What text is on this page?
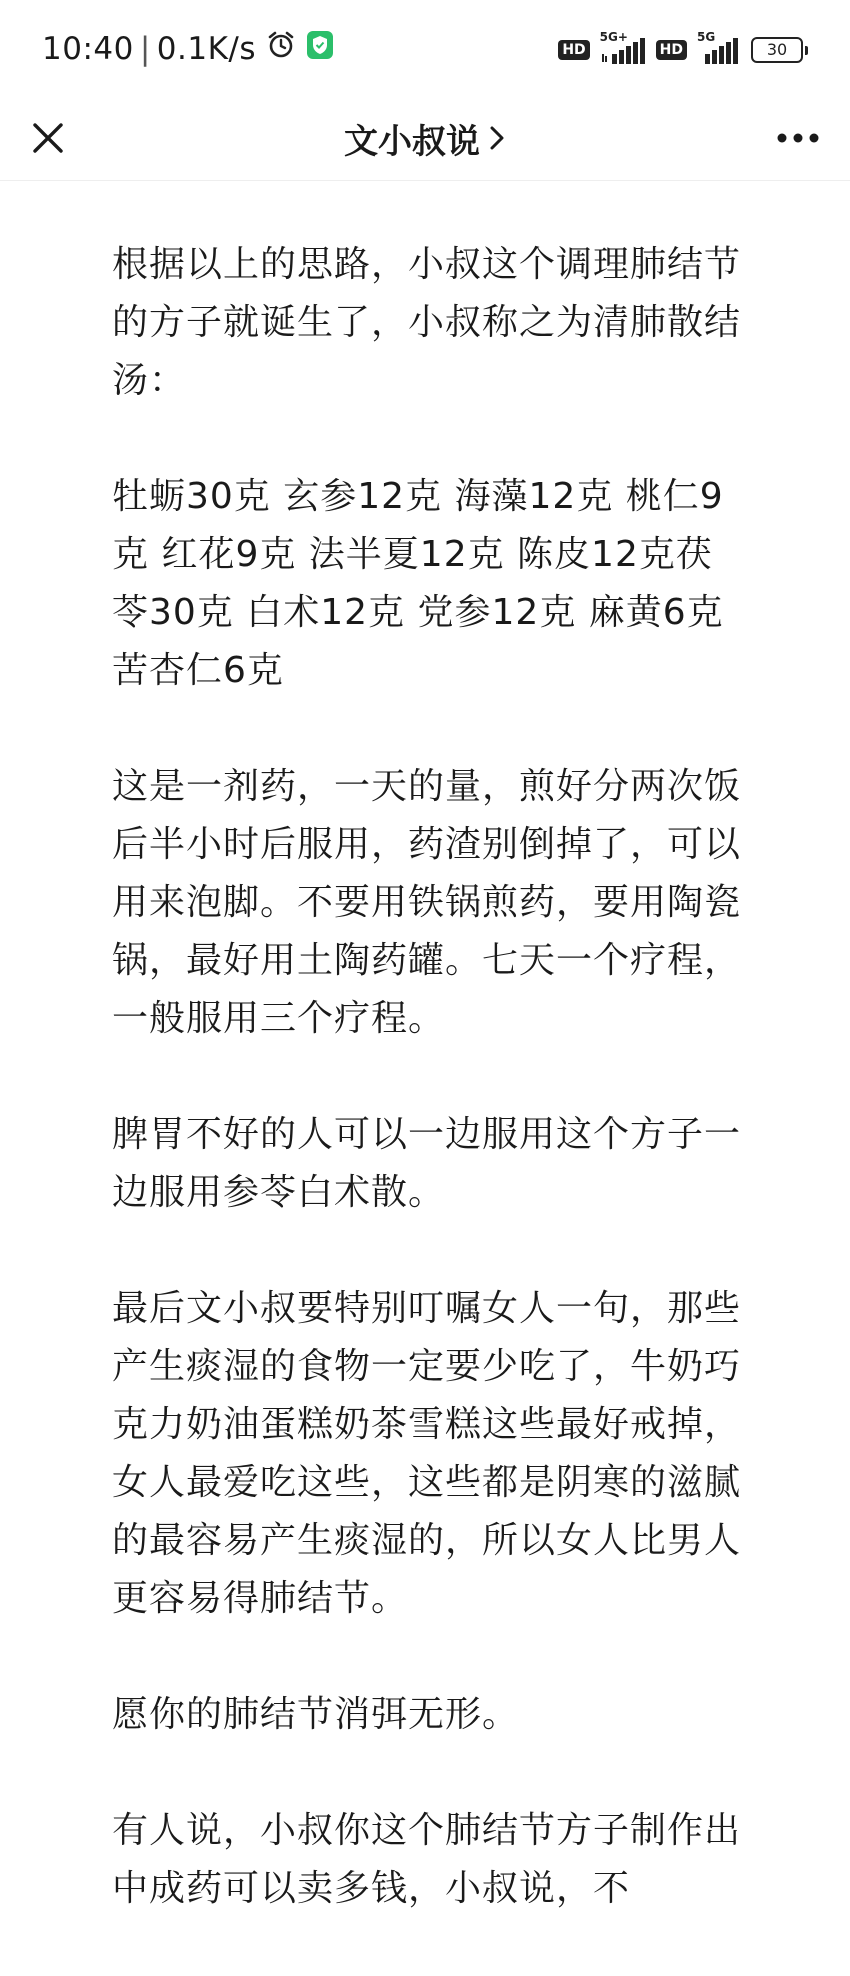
10:40 | 0.1K/s	HD
5G+
HD
5G
30
文小叔说

根据以上的思路，小叔这个调理肺结节的方子就诞生了，小叔称之为清肺散结汤：

牡蛎30克 玄参12克 海藻12克 桃仁9克 红花9克 法半夏12克 陈皮12克茯苓30克 白术12克 党参12克 麻黄6克 苦杏仁6克

这是一剂药，一天的量，煎好分两次饭后半小时后服用，药渣别倒掉了，可以用来泡脚。不要用铁锅煎药，要用陶瓷锅，最好用土陶药罐。七天一个疗程，一般服用三个疗程。

脾胃不好的人可以一边服用这个方子一边服用参苓白术散。

最后文小叔要特别叮嘱女人一句，那些产生痰湿的食物一定要少吃了，牛奶巧克力奶油蛋糕奶茶雪糕这些最好戒掉，女人最爱吃这些，这些都是阴寒的滋腻的最容易产生痰湿的，所以女人比男人更容易得肺结节。

愿你的肺结节消弭无形。

有人说，小叔你这个肺结节方子制作出中成药可以卖多钱，小叔说，不
